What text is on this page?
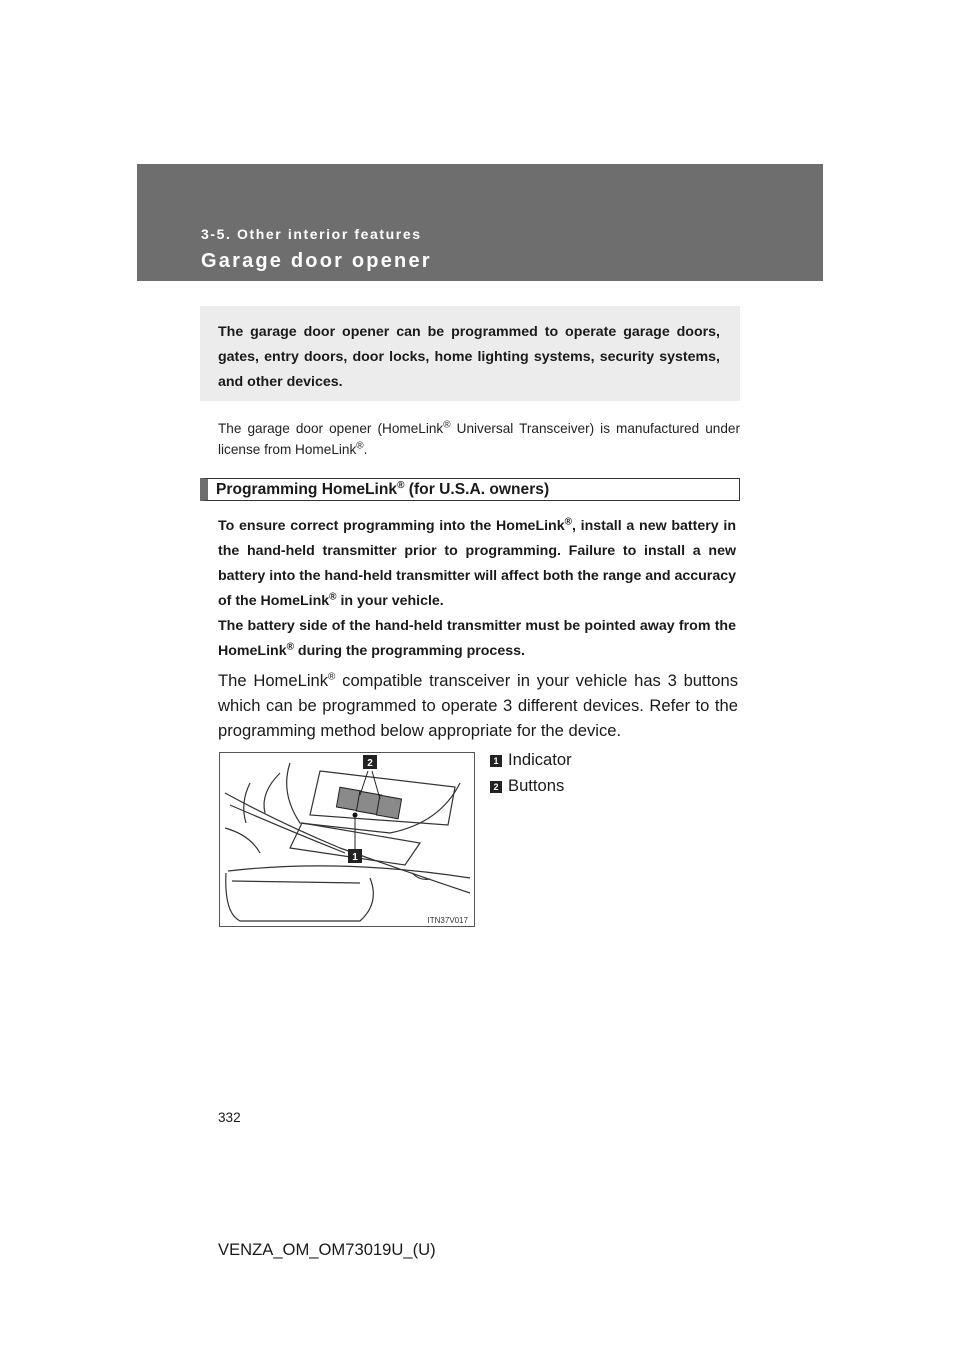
3-5. Other interior features
Garage door opener
The garage door opener can be programmed to operate garage doors, gates, entry doors, door locks, home lighting systems, security systems, and other devices.
The garage door opener (HomeLink® Universal Transceiver) is manufactured under license from HomeLink®.
Programming HomeLink® (for U.S.A. owners)
To ensure correct programming into the HomeLink®, install a new battery in the hand-held transmitter prior to programming. Failure to install a new battery into the hand-held transmitter will affect both the range and accuracy of the HomeLink® in your vehicle.
The battery side of the hand-held transmitter must be pointed away from the HomeLink® during the programming process.
The HomeLink® compatible transceiver in your vehicle has 3 buttons which can be programmed to operate 3 different devices. Refer to the programming method below appropriate for the device.
2
1
ITN37V017
1 Indicator
2 Buttons
332
VENZA_OM_OM73019U_(U)
